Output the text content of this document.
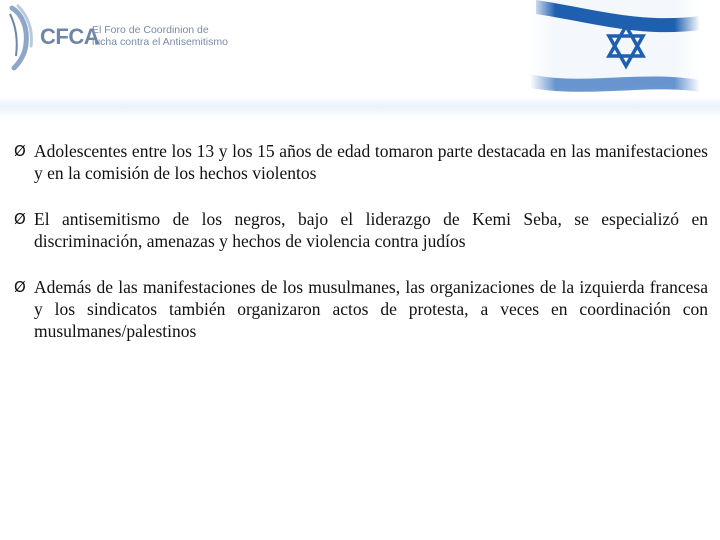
CFCA
El Foro de Coordinion de
lucha contra el Antisemitismo
Ø Adolescentes entre los 13 y los 15 años de edad tomaron parte destacada en las manifestaciones y en la comisión de los hechos violentos
Ø El antisemitismo de los negros, bajo el liderazgo de Kemi Seba, se especializó en discriminación, amenazas y hechos de violencia contra judíos
Ø Además de las manifestaciones de los musulmanes, las organizaciones de la izquierda francesa y los sindicatos también organizaron actos de protesta, a veces en coordinación con musulmanes/palestinos
